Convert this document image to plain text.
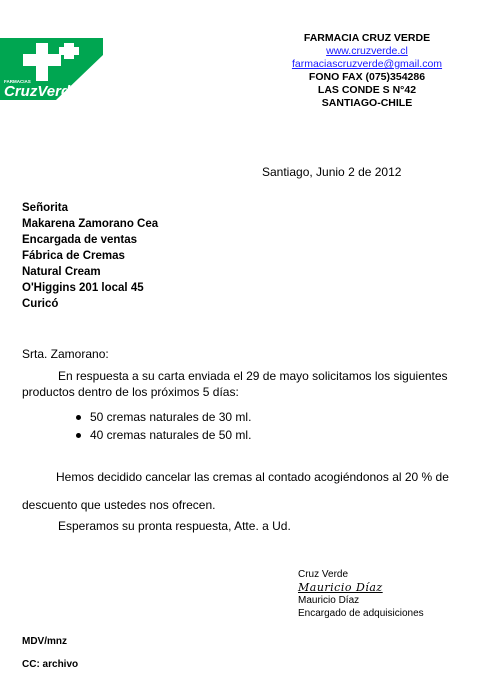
FARMACIAS
CruzVerde
FARMACIA CRUZ VERDE
www.cruzverde.cl
farmaciascruzverde@gmail.com
FONO FAX (075)354286
LAS CONDE S N°42
SANTIAGO-CHILE
Santiago, Junio 2 de 2012
Señorita
Makarena Zamorano Cea
Encargada de ventas
Fábrica de Cremas
Natural Cream
O'Higgins 201 local 45
Curicó
Srta. Zamorano:
En respuesta a su carta enviada el 29 de mayo solicitamos los siguientes
productos dentro de los próximos 5 días:
50 cremas naturales de 30 ml.
40 cremas naturales de 50 ml.
Hemos decidido cancelar las cremas al contado acogiéndonos al 20 % de
descuento que ustedes nos ofrecen.
Esperamos su pronta respuesta, Atte. a Ud.
Cruz Verde
Mauricio Díaz
Mauricio Díaz
Encargado de adquisiciones
MDV/mnz
CC: archivo
